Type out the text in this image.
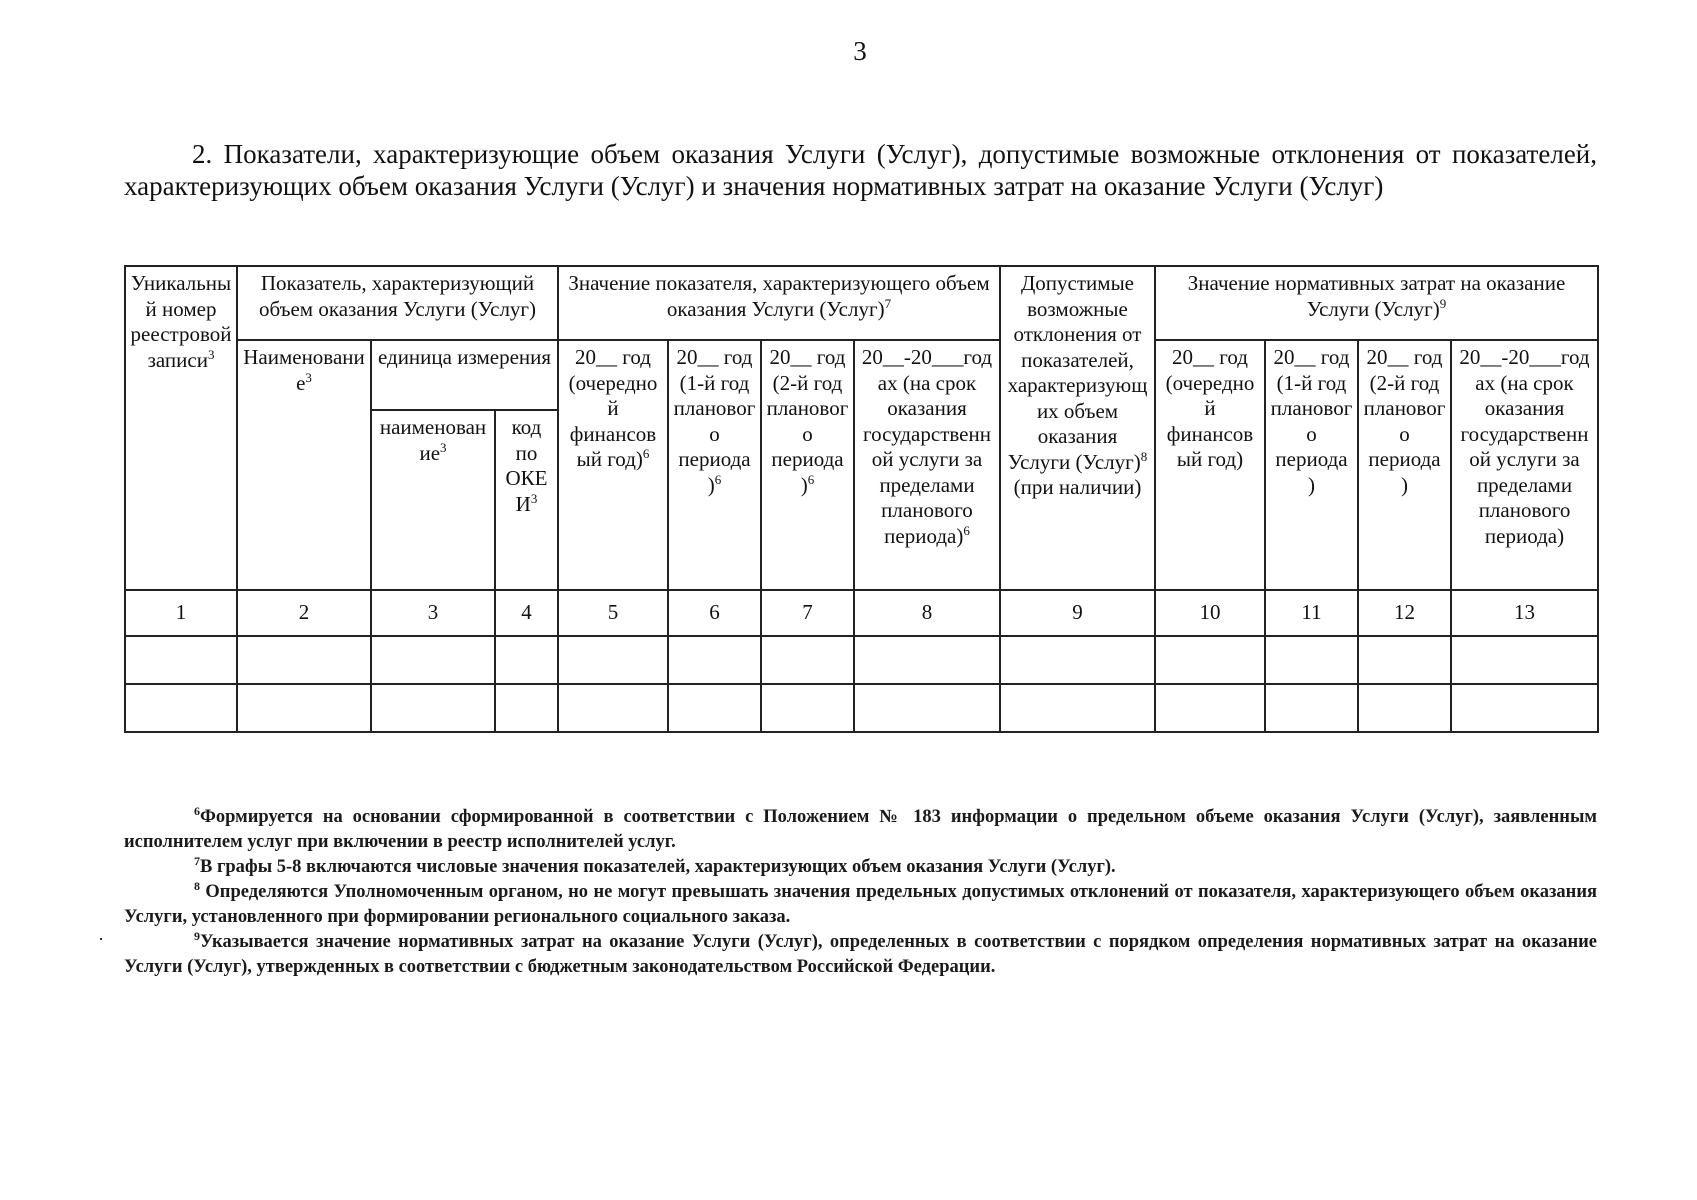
3
2. Показатели, характеризующие объем оказания Услуги (Услуг), допустимые возможные отклонения от показателей, характеризующих объем оказания Услуги (Услуг) и значения нормативных затрат на оказание Услуги (Услуг)
Уникальный номер реестровой записи$^3$	Показатель, характеризующий объем оказания Услуги (Услуг)			Значение показателя, характеризующего объем оказания Услуги (Услуг)$^7$				Допустимые возможные отклонения от показателей, характеризующих объем оказания Услуги (Услуг)$^8$ (при наличии)	Значение нормативных затрат на оказание Услуги (Услуг)$^9$
	Наименование$^3$	единица измерения		20__ год (очередной финансовый год)$^6$	20__ год (1-й год планового периода )$^6$	20__ год (2-й год планового периода )$^6$	20__-20___годах (на срок оказания государственной услуги за пределами планового периода)$^6$		20__ год (очередной финансовый год)	20__ год (1-й год планового периода )	20__ год (2-й год планового периода )	20__-20___годах (на срок оказания государственной услуги за пределами планового периода)
		наименование$^3$	код по ОКЕИ$^3$
1	2	3	4	5	6	7	8	9	10	11	12	13

$^6$Формируется на основании сформированной в соответствии с Положением № 183 информации о предельном объеме оказания Услуги (Услуг), заявленным исполнителем услуг при включении в реестр исполнителей услуг.

$^7$В графы 5-8 включаются числовые значения показателей, характеризующих объем оказания Услуги (Услуг).

$^8$ Определяются Уполномоченным органом, но не могут превышать значения предельных допустимых отклонений от показателя, характеризующего объем оказания Услуги, установленного при формировании регионального социального заказа.

$^9$Указывается значение нормативных затрат на оказание Услуги (Услуг), определенных в соответствии с порядком определения нормативных затрат на оказание Услуги (Услуг), утвержденных в соответствии с бюджетным законодательством Российской Федерации.
